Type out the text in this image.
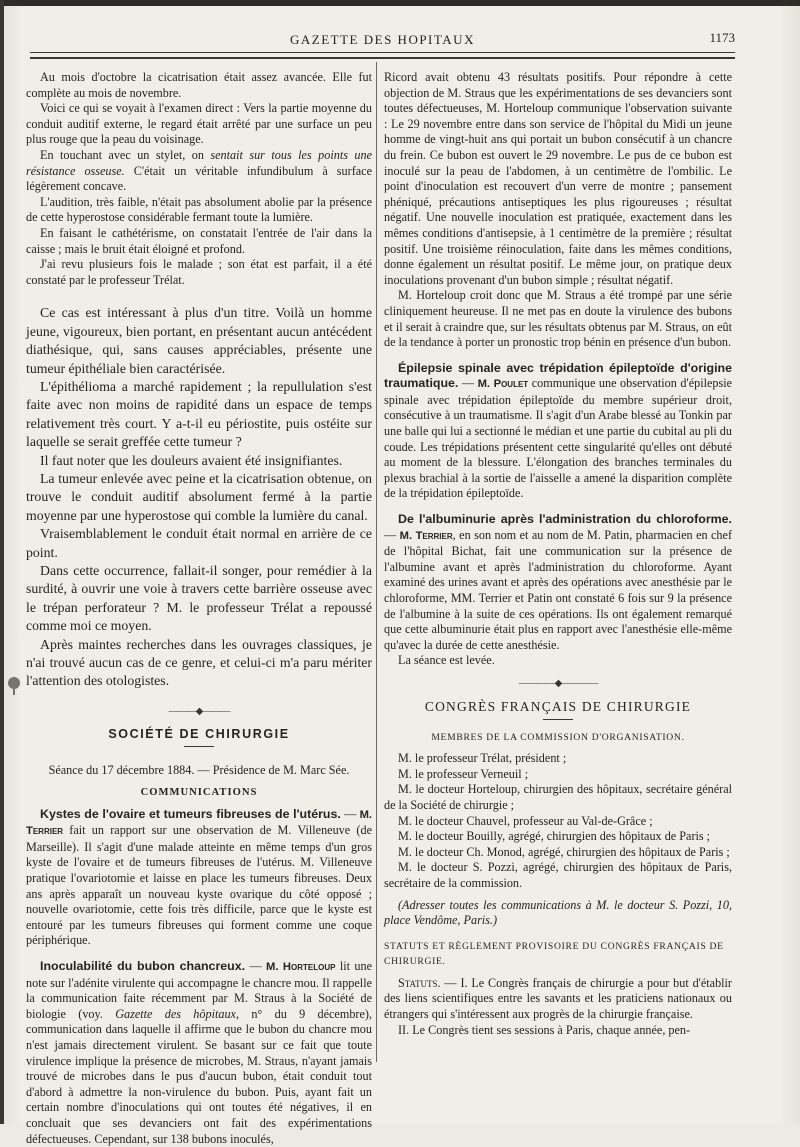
GAZETTE DES HOPITAUX	1173

Au mois d'octobre la cicatrisation était assez avancée. Elle fut complète au mois de novembre.

Voici ce qui se voyait à l'examen direct : Vers la partie moyenne du conduit auditif externe, le regard était arrêté par une surface un peu plus rouge que la peau du voisinage.

En touchant avec un stylet, on sentait sur tous les points une résistance osseuse. C'était un véritable infundibulum à surface légèrement concave.

L'audition, très faible, n'était pas absolument abolie par la présence de cette hyperostose considérable fermant toute la lumière.

En faisant le cathétérisme, on constatait l'entrée de l'air dans la caisse ; mais le bruit était éloigné et profond.

J'ai revu plusieurs fois le malade ; son état est parfait, il a été constaté par le professeur Trélat.

Ce cas est intéressant à plus d'un titre. Voilà un homme jeune, vigoureux, bien portant, en présentant aucun antécédent diathésique, qui, sans causes appréciables, présente une tumeur épithéliale bien caractérisée.

L'épithélioma a marché rapidement ; la repullulation s'est faite avec non moins de rapidité dans un espace de temps relativement très court. Y a-t-il eu périostite, puis ostéite sur laquelle se serait greffée cette tumeur ?

Il faut noter que les douleurs avaient été insignifiantes.

La tumeur enlevée avec peine et la cicatrisation obtenue, on trouve le conduit auditif absolument fermé à la partie moyenne par une hyperostose qui comble la lumière du canal.

Vraisemblablement le conduit était normal en arrière de ce point.

Dans cette occurrence, fallait-il songer, pour remédier à la surdité, à ouvrir une voie à travers cette barrière osseuse avec le trépan perforateur ? M. le professeur Trélat a repoussé comme moi ce moyen.

Après maintes recherches dans les ouvrages classiques, je n'ai trouvé aucun cas de ce genre, et celui-ci m'a paru mériter l'attention des otologistes.

———◆———

SOCIÉTÉ DE CHIRURGIE

Séance du 17 décembre 1884. — Présidence de M. Marc Sée.

COMMUNICATIONS

Kystes de l'ovaire et tumeurs fibreuses de l'utérus. — M. Terrier fait un rapport sur une observation de M. Villeneuve (de Marseille). Il s'agit d'une malade atteinte en même temps d'un gros kyste de l'ovaire et de tumeurs fibreuses de l'utérus. M. Villeneuve pratique l'ovariotomie et laisse en place les tumeurs fibreuses. Deux ans après apparaît un nouveau kyste ovarique du côté opposé ; nouvelle ovariotomie, cette fois très difficile, parce que le kyste est entouré par les tumeurs fibreuses qui forment comme une coque périphérique.

Inoculabilité du bubon chancreux. — M. Horteloup lit une note sur l'adénite virulente qui accompagne le chancre mou. Il rappelle la communication faite récemment par M. Straus à la Société de biologie (voy. Gazette des hôpitaux, n° du 9 décembre), communication dans laquelle il affirme que le bubon du chancre mou n'est jamais directement virulent. Se basant sur ce fait que toute virulence implique la présence de microbes, M. Straus, n'ayant jamais trouvé de microbes dans le pus d'aucun bubon, était conduit tout d'abord à admettre la non-virulence du bubon. Puis, ayant fait un certain nombre d'inoculations qui ont toutes été négatives, il en concluait que ses devanciers ont fait des expérimentations défectueuses. Cependant, sur 138 bubons inoculés,

Ricord avait obtenu 43 résultats positifs. Pour répondre à cette objection de M. Straus que les expérimentations de ses devanciers sont toutes défectueuses, M. Horteloup communique l'observation suivante : Le 29 novembre entre dans son service de l'hôpital du Midi un jeune homme de vingt-huit ans qui portait un bubon consécutif à un chancre du frein. Ce bubon est ouvert le 29 novembre. Le pus de ce bubon est inoculé sur la peau de l'abdomen, à un centimètre de l'ombilic. Le point d'inoculation est recouvert d'un verre de montre ; pansement phéniqué, précautions antiseptiques les plus rigoureuses ; résultat négatif. Une nouvelle inoculation est pratiquée, exactement dans les mêmes conditions d'antisepsie, à 1 centimètre de la première ; résultat positif. Une troisième réinoculation, faite dans les mêmes conditions, donne également un résultat positif. Le même jour, on pratique deux inoculations provenant d'un bubon simple ; résultat négatif.

M. Horteloup croit donc que M. Straus a été trompé par une série cliniquement heureuse. Il ne met pas en doute la virulence des bubons et il serait à craindre que, sur les résultats obtenus par M. Straus, on eût de la tendance à porter un pronostic trop bénin en présence d'un bubon.

Épilepsie spinale avec trépidation épileptoïde d'origine traumatique. — M. Poulet communique une observation d'épilepsie spinale avec trépidation épileptoïde du membre supérieur droit, consécutive à un traumatisme. Il s'agit d'un Arabe blessé au Tonkin par une balle qui lui a sectionné le médian et une partie du cubital au pli du coude. Les trépidations présentent cette singularité qu'elles ont débuté au moment de la blessure. L'élongation des branches terminales du plexus brachial à la sortie de l'aisselle a amené la disparition complète de la trépidation épileptoïde.

De l'albuminurie après l'administration du chloroforme. — M. Terrier, en son nom et au nom de M. Patin, pharmacien en chef de l'hôpital Bichat, fait une communication sur la présence de l'albumine avant et après l'administration du chloroforme. Ayant examiné des urines avant et après des opérations avec anesthésie par le chloroforme, MM. Terrier et Patin ont constaté 6 fois sur 9 la présence de l'albumine à la suite de ces opérations. Ils ont également remarqué que cette albuminurie était plus en rapport avec l'anesthésie elle-même qu'avec la durée de cette anesthésie.

La séance est levée.

————◆————

CONGRÈS FRANÇAIS DE CHIRURGIE

MEMBRES DE LA COMMISSION D'ORGANISATION.

M. le professeur Trélat, président ;

M. le professeur Verneuil ;

M. le docteur Horteloup, chirurgien des hôpitaux, secrétaire général de la Société de chirurgie ;

M. le docteur Chauvel, professeur au Val-de-Grâce ;

M. le docteur Bouilly, agrégé, chirurgien des hôpitaux de Paris ;

M. le docteur Ch. Monod, agrégé, chirurgien des hôpitaux de Paris ;

M. le docteur S. Pozzi, agrégé, chirurgien des hôpitaux de Paris, secrétaire de la commission.

(Adresser toutes les communications à M. le docteur S. Pozzi, 10, place Vendôme, Paris.)

STATUTS ET RÈGLEMENT PROVISOIRE DU CONGRÈS FRANÇAIS DE CHIRURGIE.

Statuts. — I. Le Congrès français de chirurgie a pour but d'établir des liens scientifiques entre les savants et les praticiens nationaux ou étrangers qui s'intéressent aux progrès de la chirurgie française.

II. Le Congrès tient ses sessions à Paris, chaque année, pen-
